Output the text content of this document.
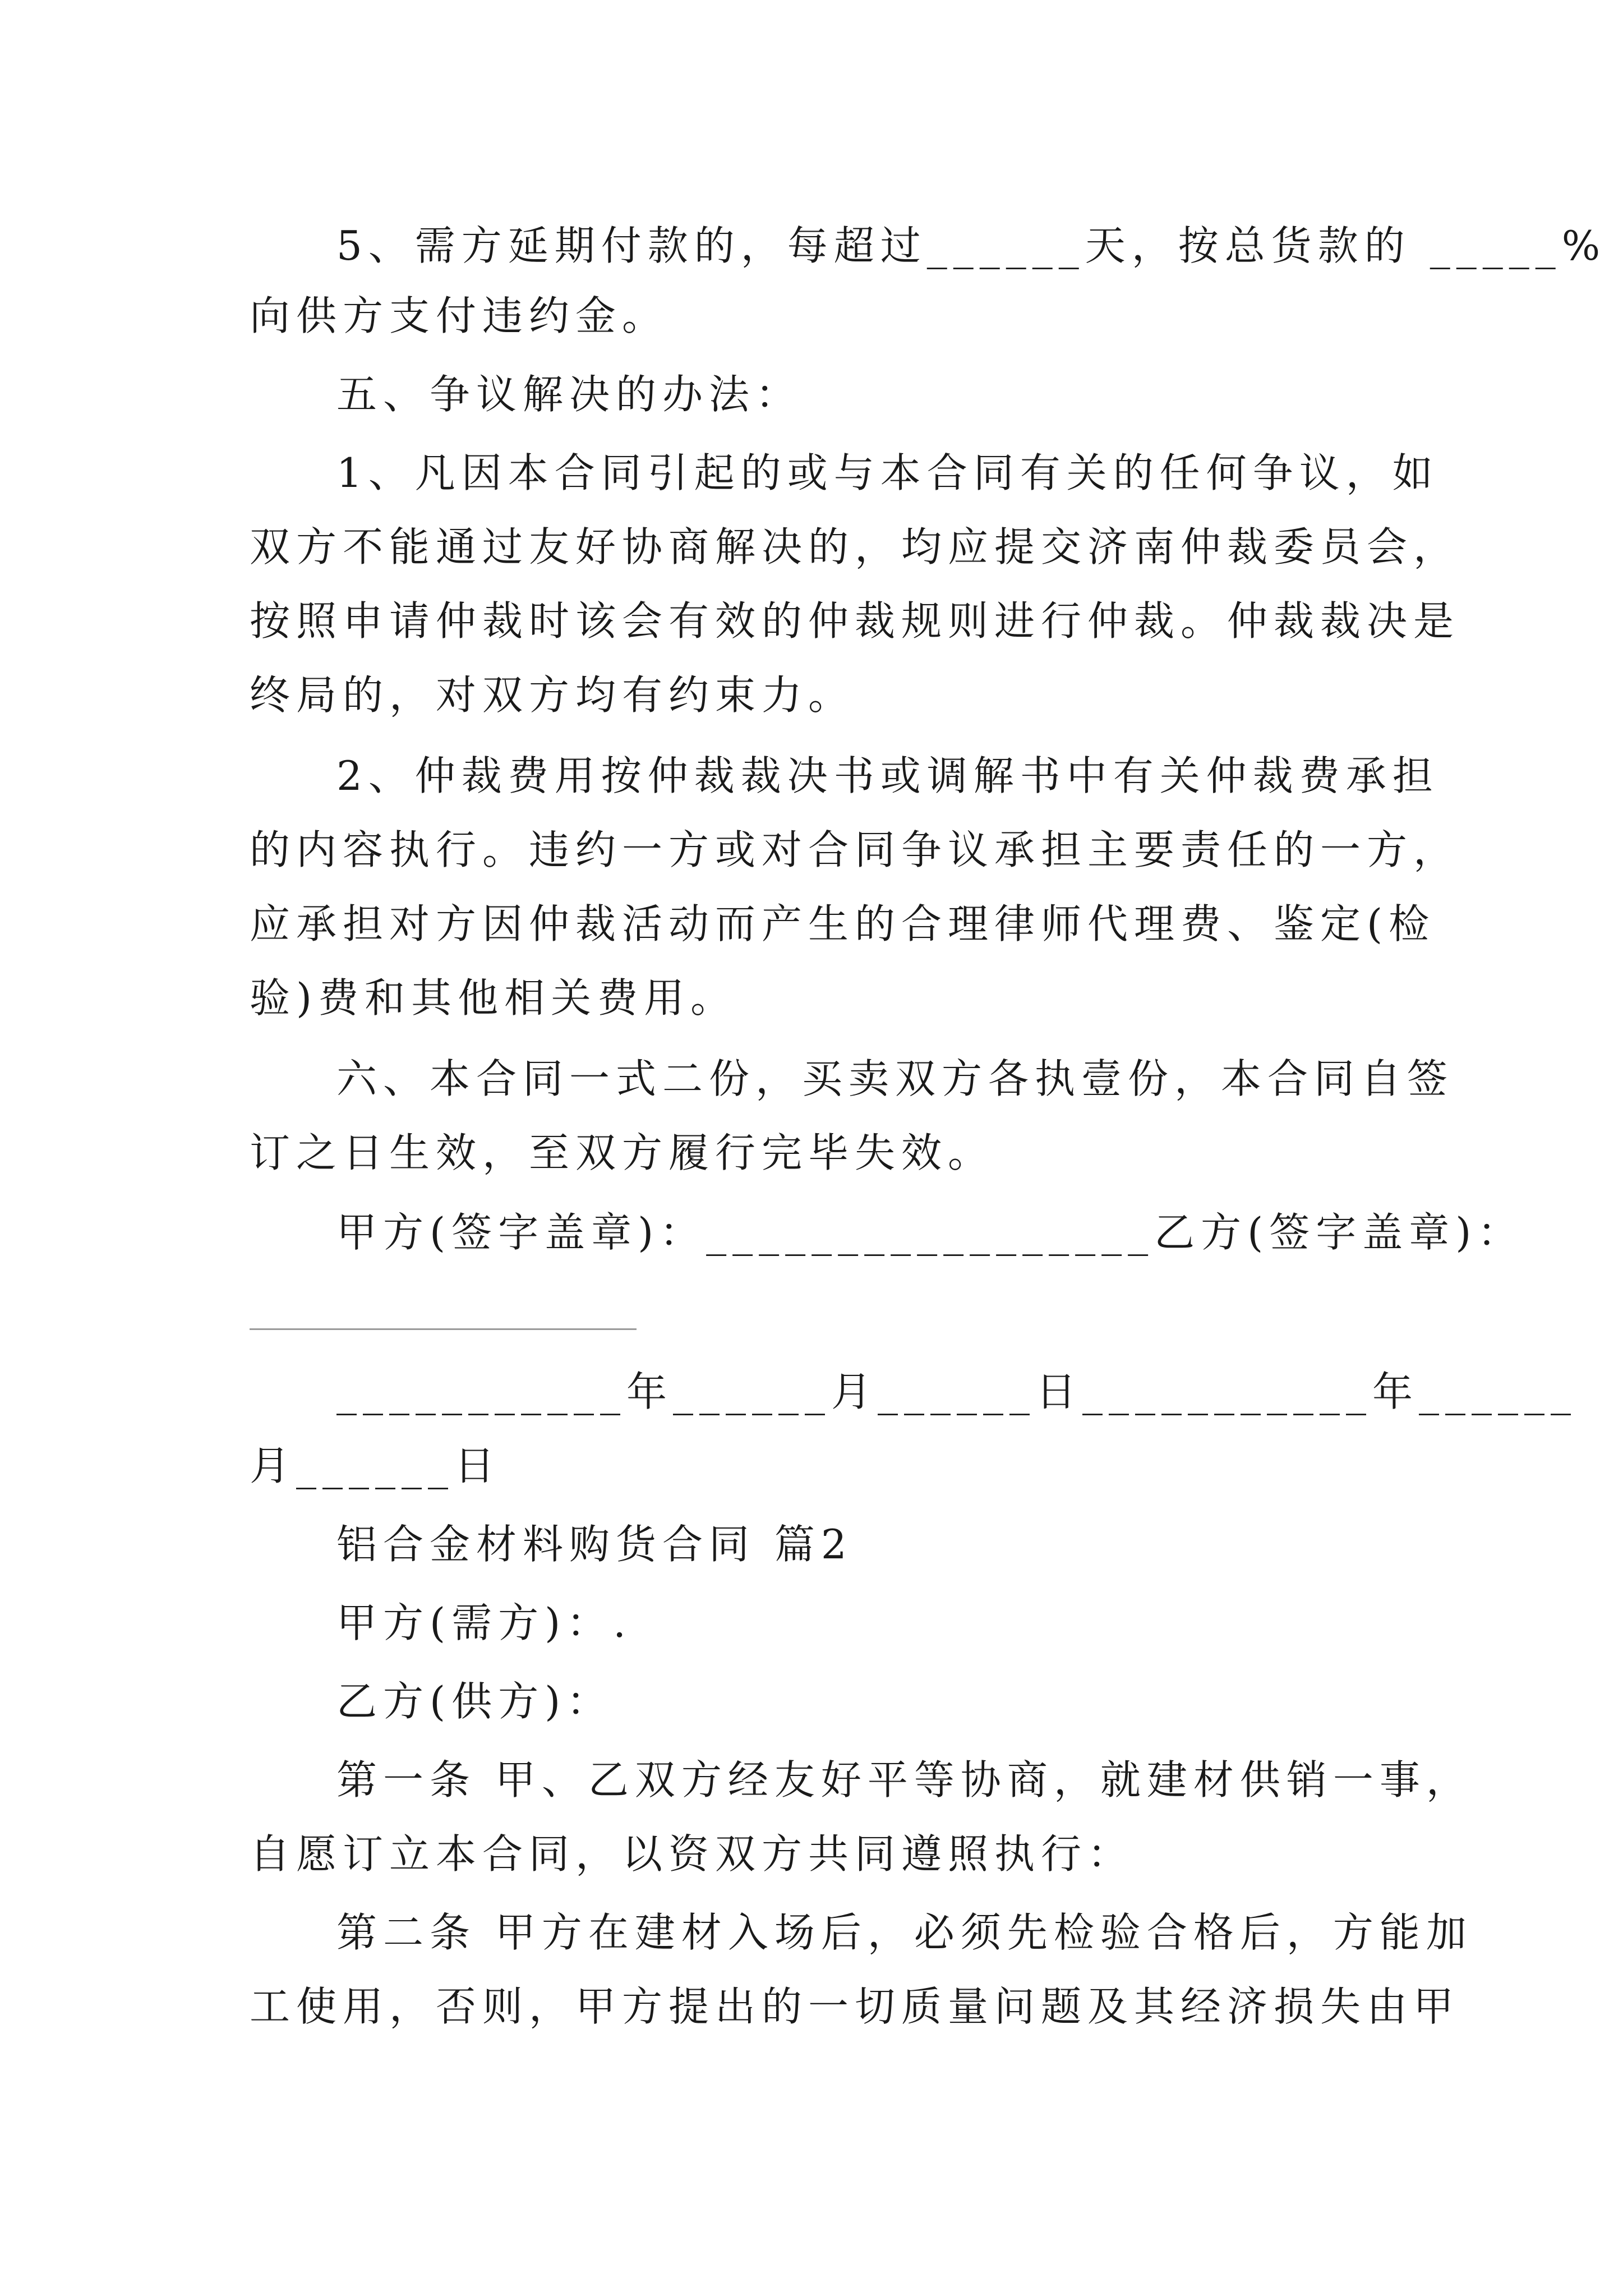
5、需方延期付款的，每超过______天，按总货款的 _____%
向供方支付违约金。
五、争议解决的办法：
1、凡因本合同引起的或与本合同有关的任何争议，如
双方不能通过友好协商解决的，均应提交济南仲裁委员会，
按照申请仲裁时该会有效的仲裁规则进行仲裁。仲裁裁决是
终局的，对双方均有约束力。
2、仲裁费用按仲裁裁决书或调解书中有关仲裁费承担
的内容执行。违约一方或对合同争议承担主要责任的一方，
应承担对方因仲裁活动而产生的合理律师代理费、鉴定(检
验)费和其他相关费用。
六、本合同一式二份，买卖双方各执壹份，本合同自签
订之日生效，至双方履行完毕失效。
甲方(签字盖章)：_________________乙方(签字盖章)：
___________年______月______日___________年______
月______日
铝合金材料购货合同 篇2
甲方(需方)：.
乙方(供方)：
第一条 甲、乙双方经友好平等协商，就建材供销一事，
自愿订立本合同，以资双方共同遵照执行：
第二条 甲方在建材入场后，必须先检验合格后，方能加
工使用，否则，甲方提出的一切质量问题及其经济损失由甲
